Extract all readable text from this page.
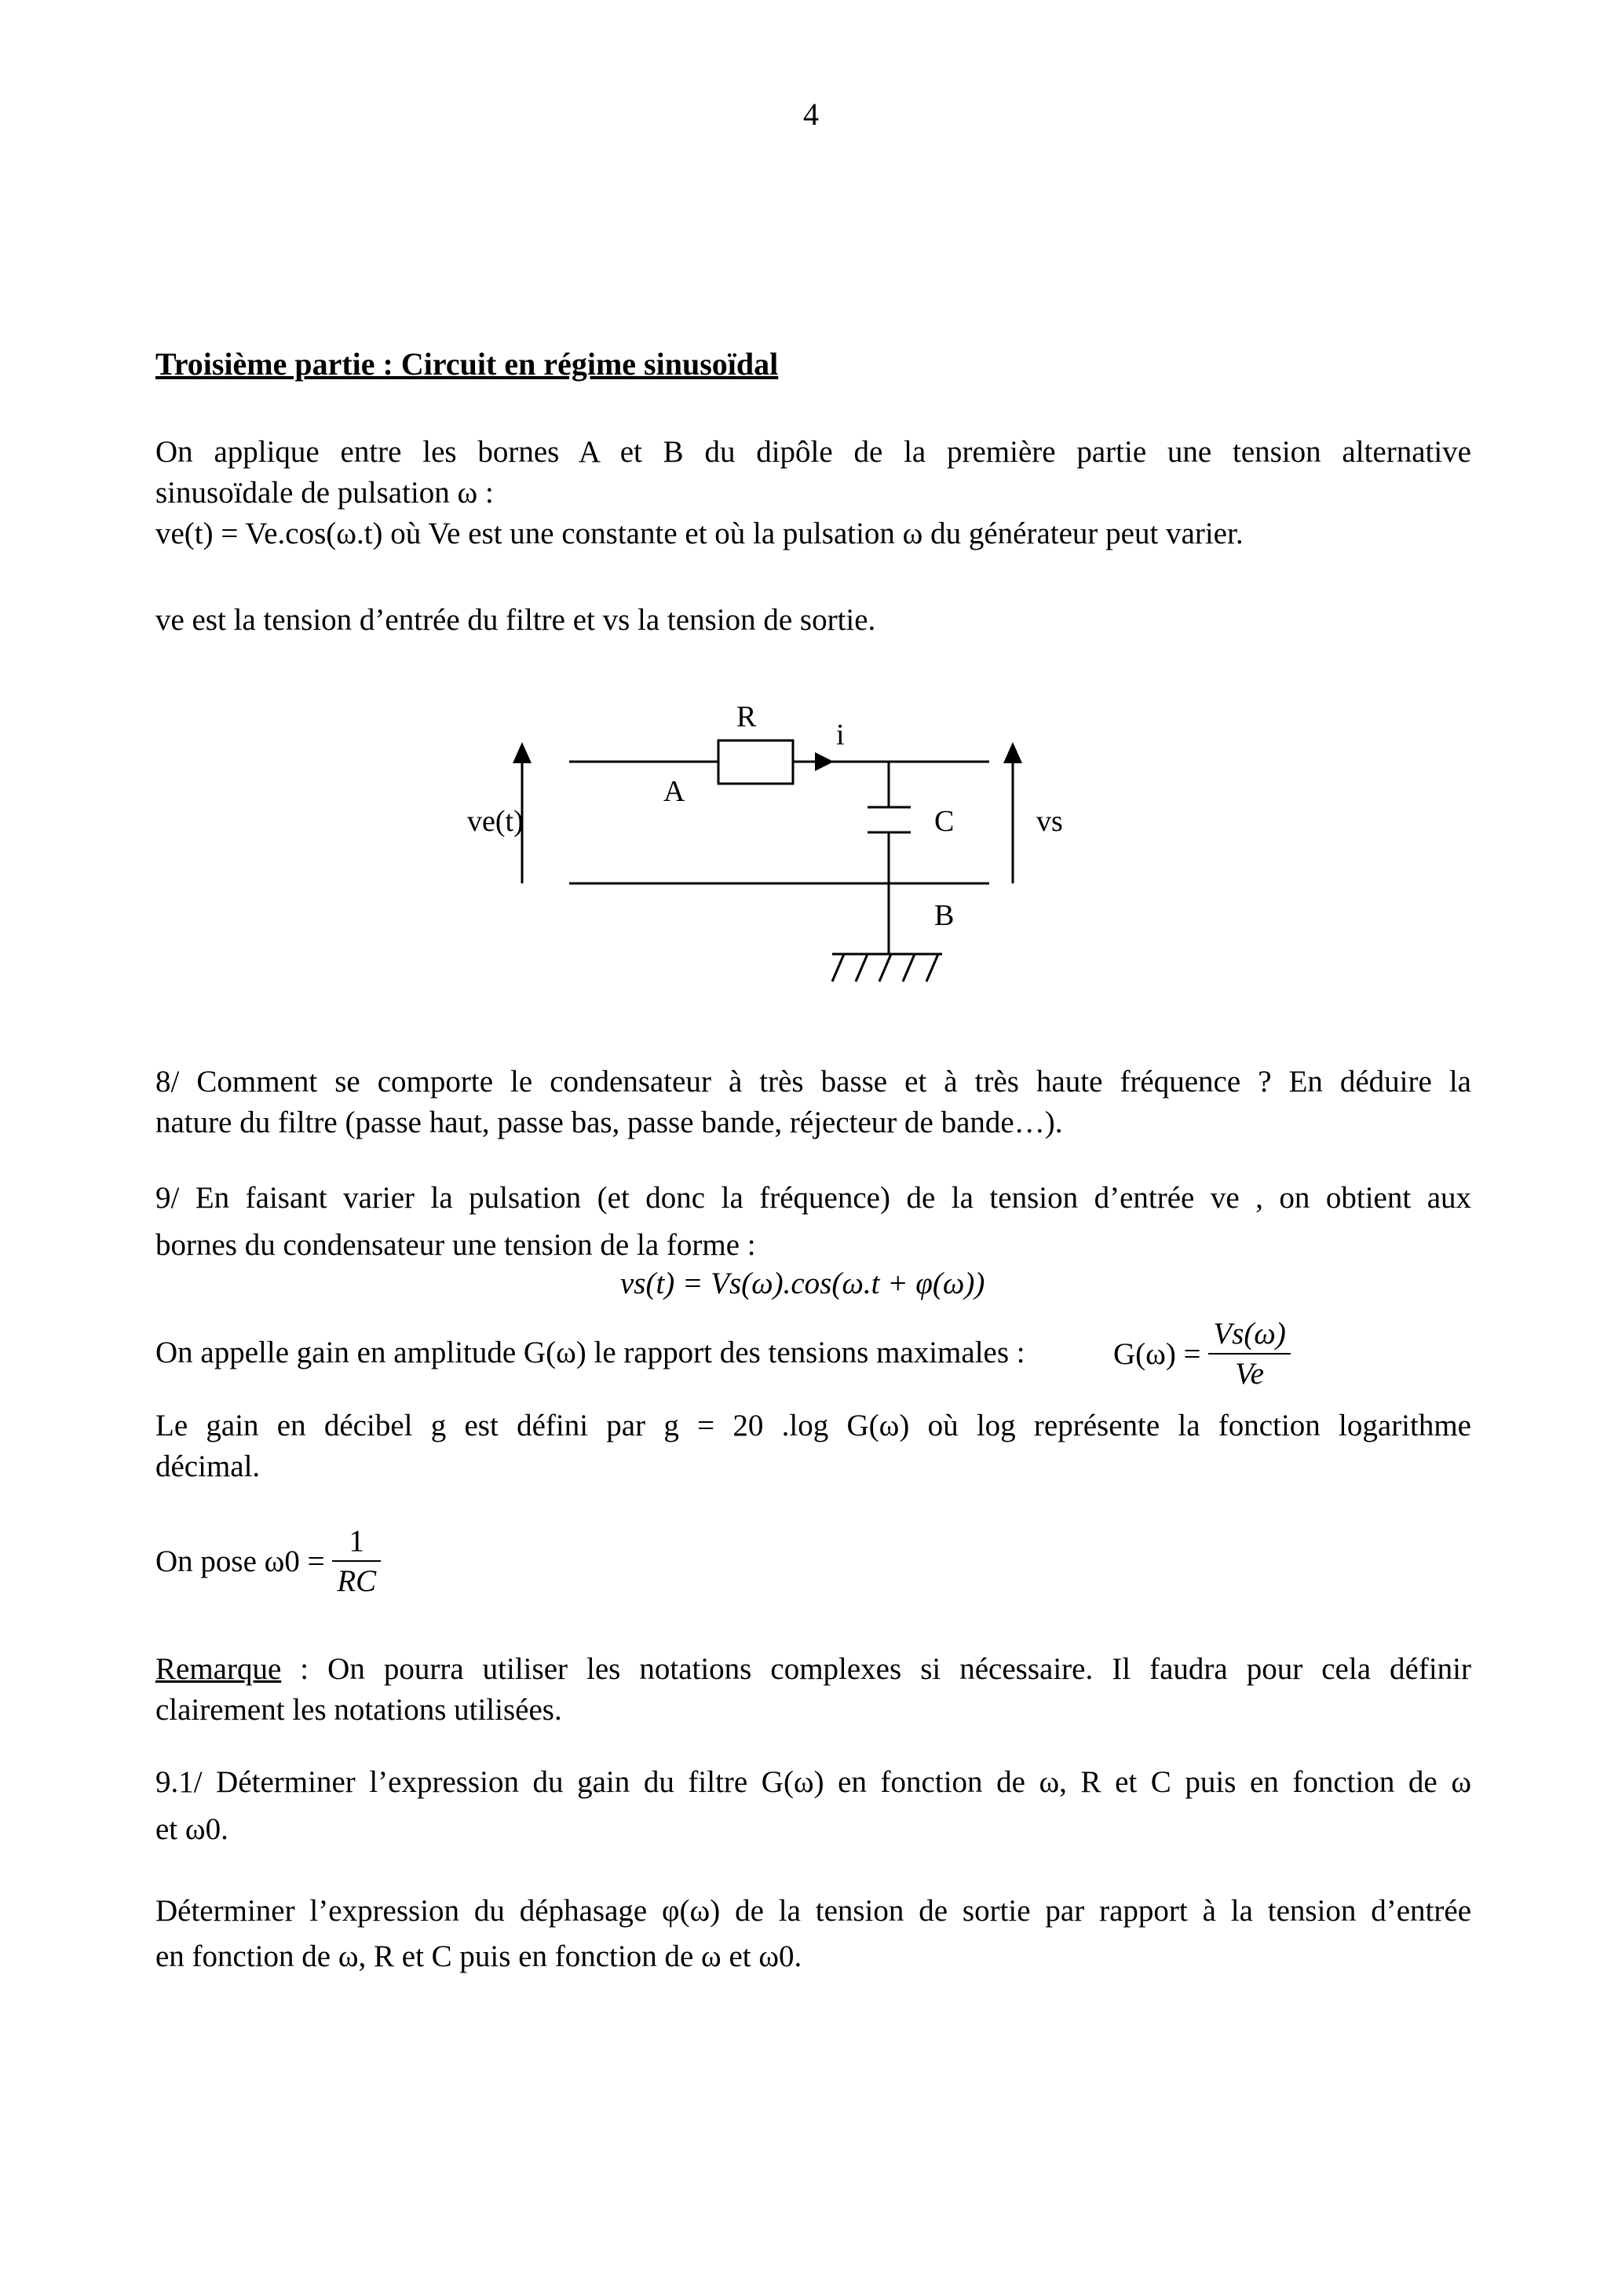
4
Troisième partie : Circuit en régime sinusoïdal
On applique entre les bornes A et B du dipôle de la première partie une tension alternative
sinusoïdale de pulsation ω :
ve(t) = Ve.cos(ω.t) où Ve est une constante et où la pulsation ω du générateur peut varier.
ve est la tension d’entrée du filtre et vs la tension de sortie.
R
i
A
C
B
ve(t)	vs
8/ Comment se comporte le condensateur à très basse et à très haute fréquence ? En déduire la
nature du filtre (passe haut, passe bas, passe bande, réjecteur de bande…).
9/ En faisant varier la pulsation (et donc la fréquence) de la tension d’entrée ve , on obtient aux
bornes du condensateur une tension de la forme :
vs(t) = Vs(ω).cos(ω.t + φ(ω))
On appelle gain en amplitude G(ω) le rapport des tensions maximales :	$G(\omega) = \frac{Vs(\omega)}{Ve}$
Le gain en décibel g est défini par g = 20 .log G(ω) où log représente la fonction logarithme
décimal.
On pose $\omega 0 = \frac{1}{RC}$
Remarque : On pourra utiliser les notations complexes si nécessaire. Il faudra pour cela définir
clairement les notations utilisées.
9.1/ Déterminer l’expression du gain du filtre G(ω) en fonction de ω, R et C puis en fonction de ω
et ω0.
Déterminer l’expression du déphasage φ(ω) de la tension de sortie par rapport à la tension d’entrée
en fonction de ω, R et C puis en fonction de ω et ω0.
